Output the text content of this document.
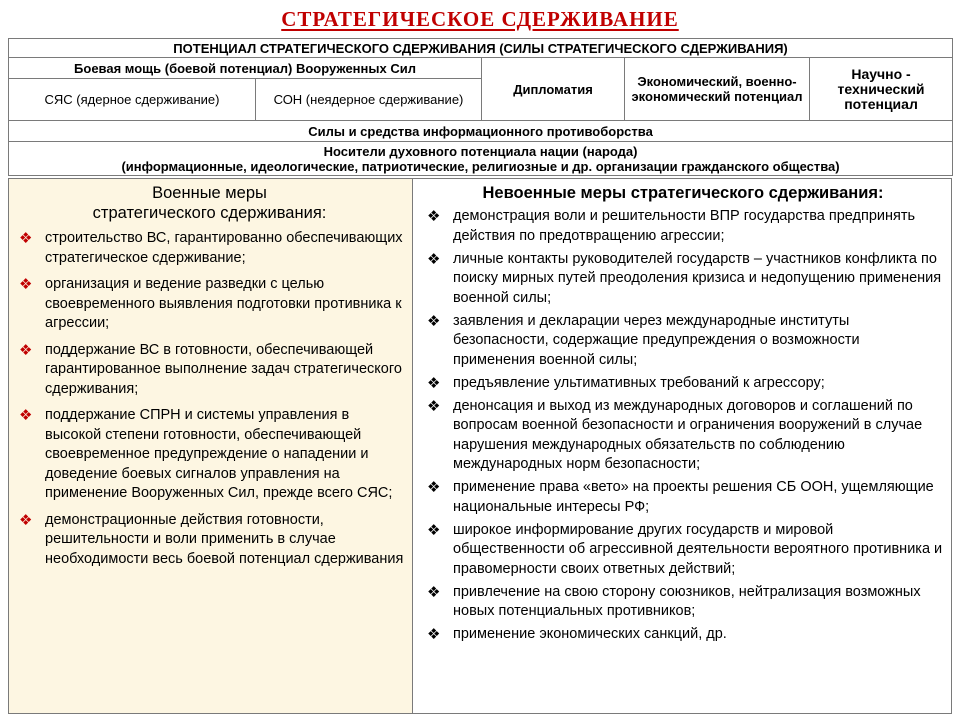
СТРАТЕГИЧЕСКОЕ СДЕРЖИВАНИЕ
ПОТЕНЦИАЛ СТРАТЕГИЧЕСКОГО СДЕРЖИВАНИЯ (СИЛЫ СТРАТЕГИЧЕСКОГО СДЕРЖИВАНИЯ)				
Боевая мощь (боевой потенциал) Вооруженных Сил		Дипломатия	Экономический, военно-экономический потенциал	Научно - технический потенциал
СЯС (ядерное сдерживание)	СОН (неядерное сдерживание)			
Силы и средства информационного противоборства				

Носители духовного потенциала нации (народа)
(информационные, идеологические, патриотические, религиозные и др. организации гражданского общества)				
Военные меры
стратегического сдерживания:
❖ строительство ВС, гарантированно обеспечивающих стратегическое сдерживание;
❖ организация и ведение разведки с целью своевременного выявления подготовки противника к агрессии;
❖ поддержание ВС в готовности, обеспечивающей гарантированное выполнение задач стратегического сдерживания;
❖ поддержание СПРН и системы управления в высокой степени готовности, обеспечивающей своевременное предупреждение о нападении и доведение боевых сигналов управления на применение Вооруженных Сил, прежде всего СЯС;
❖ демонстрационные действия готовности, решительности и воли применить в случае необходимости весь боевой потенциал сдерживания
Невоенные меры стратегического сдерживания:
❖ демонстрация воли и решительности ВПР государства предпринять действия по предотвращению агрессии;
❖ личные контакты руководителей государств – участников конфликта по поиску мирных путей преодоления кризиса и недопущению применения военной силы;
❖ заявления и декларации через международные институты безопасности, содержащие предупреждения о возможности применения военной силы;
❖ предъявление ультимативных требований к агрессору;
❖ денонсация и выход из международных договоров и соглашений по вопросам военной безопасности и ограничения вооружений в случае нарушения международных обязательств по соблюдению международных норм безопасности;
❖ применение права «вето» на проекты решения СБ ООН, ущемляющие национальные интересы РФ;
❖ широкое информирование других государств и мировой общественности об агрессивной деятельности вероятного противника и правомерности своих ответных действий;
❖ привлечение на свою сторону союзников, нейтрализация возможных новых потенциальных противников;
❖ применение экономических санкций, др.
